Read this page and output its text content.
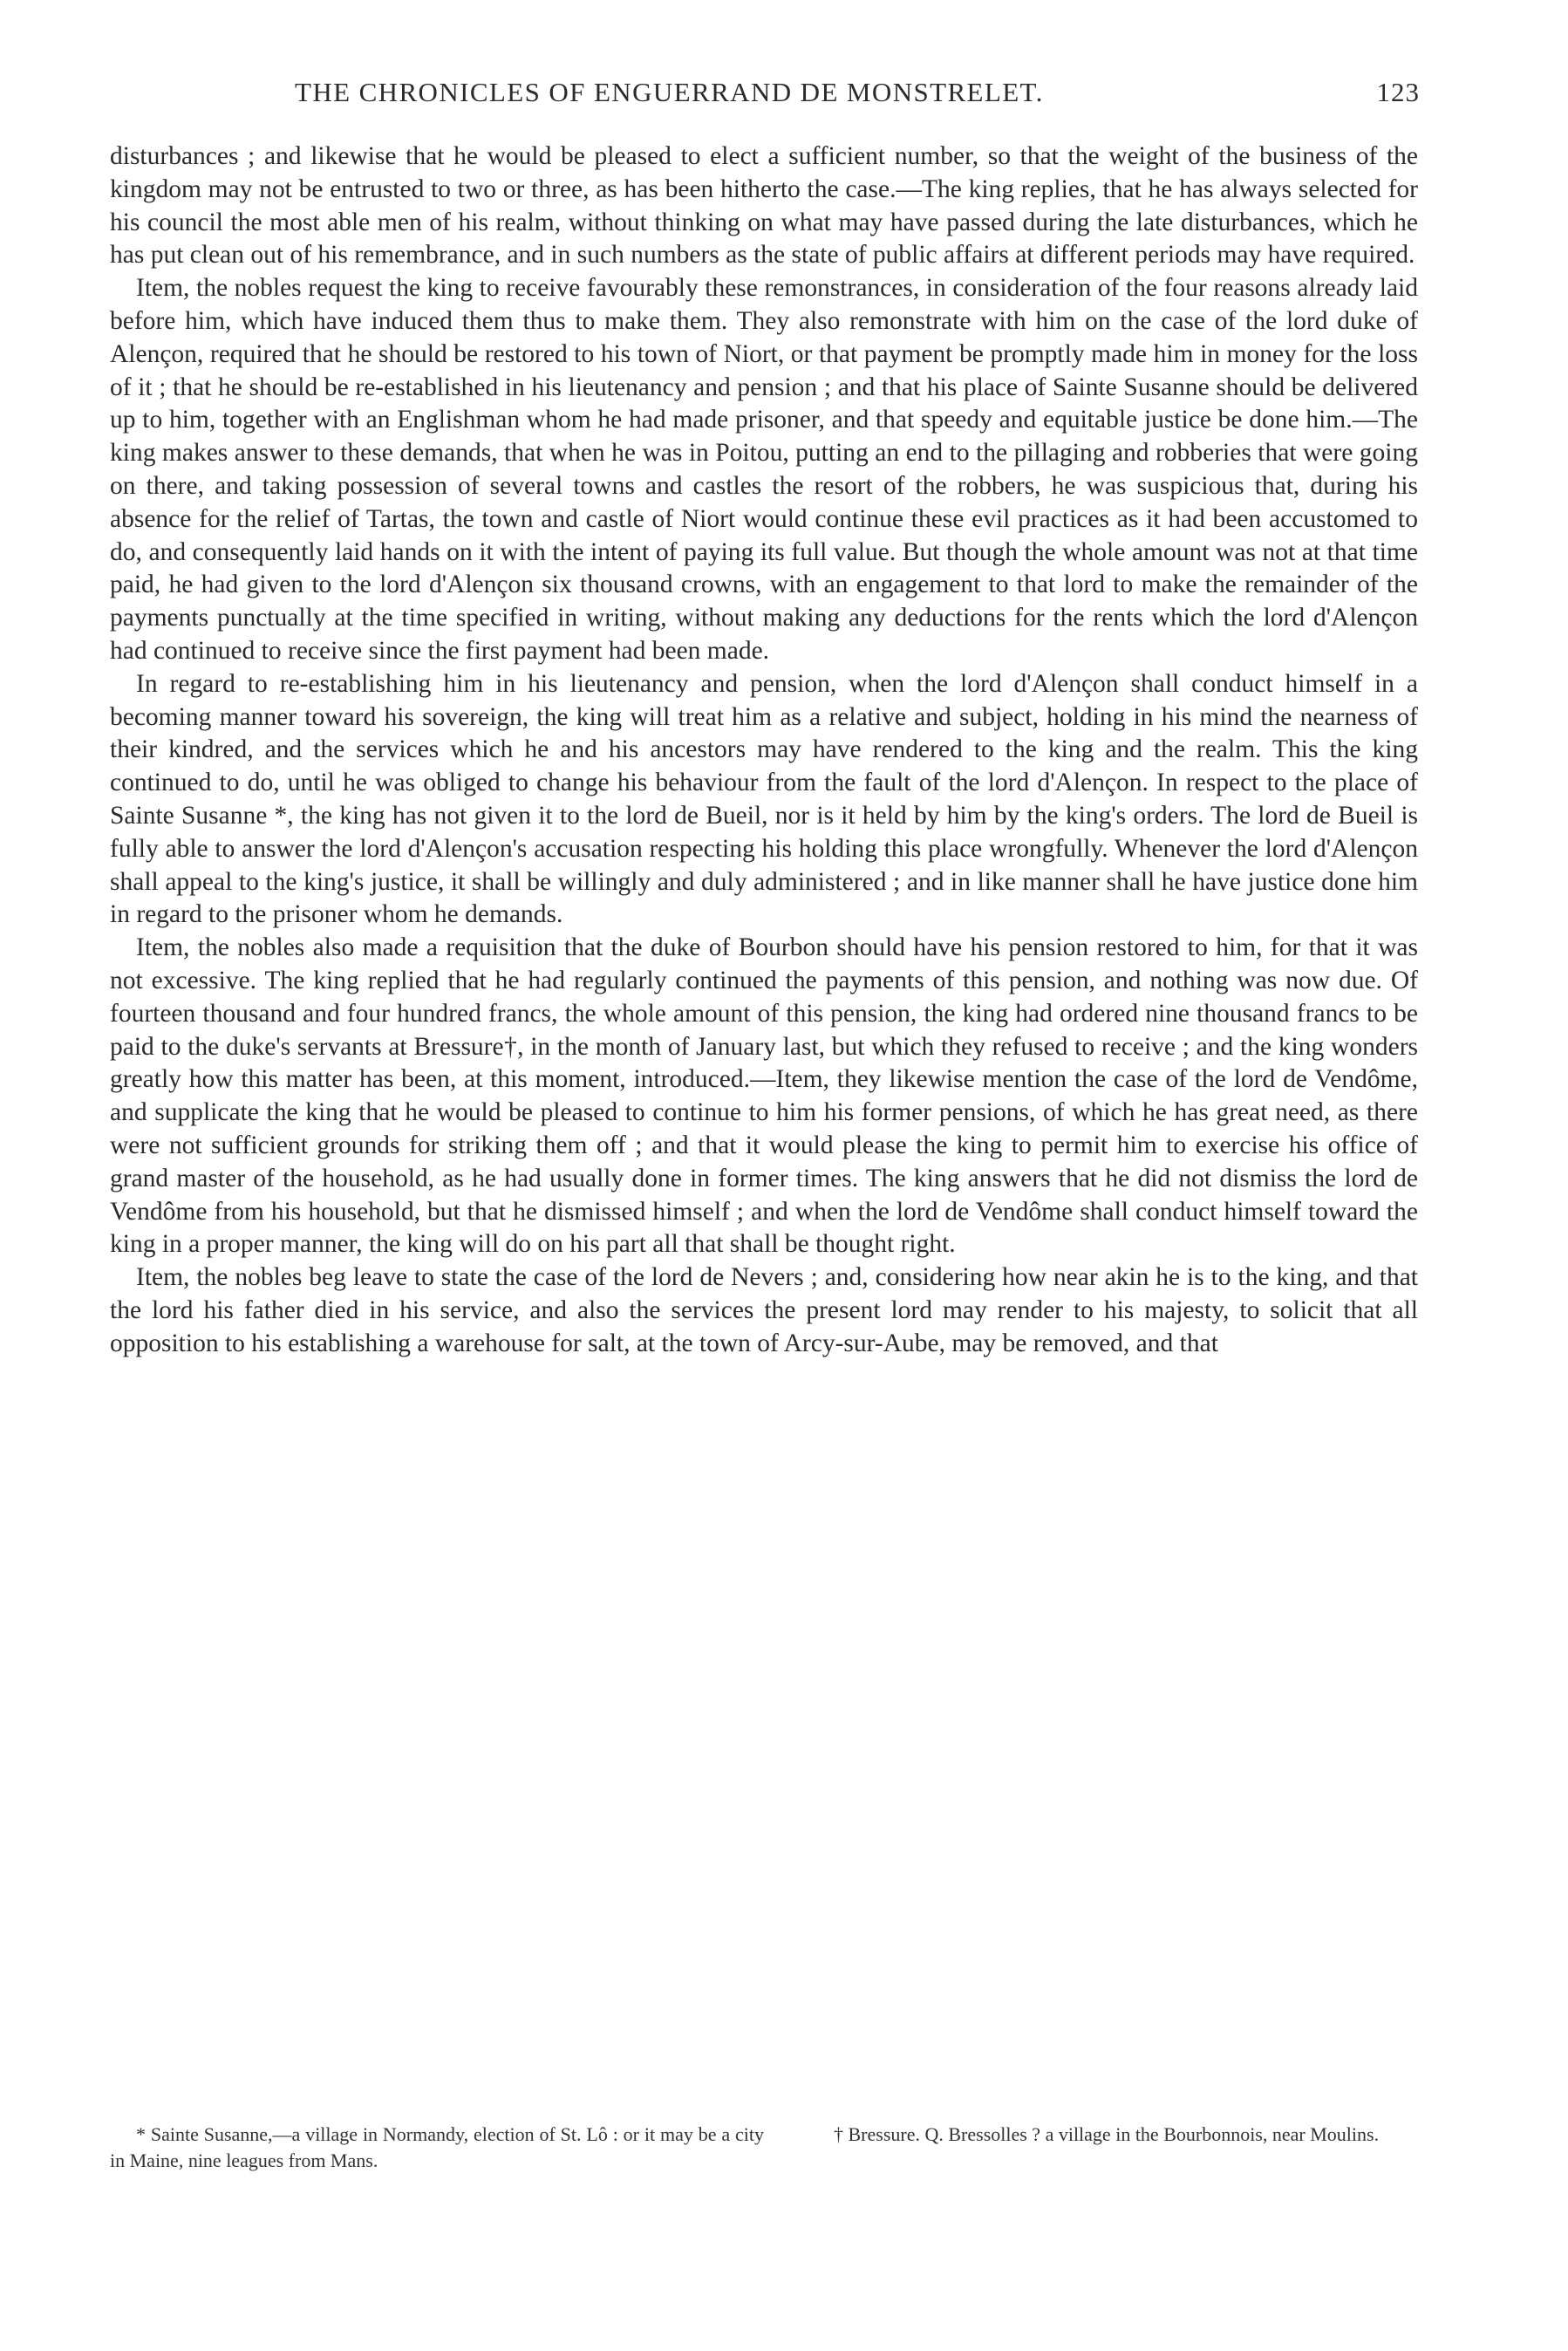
THE CHRONICLES OF ENGUERRAND DE MONSTRELET.	123

disturbances ; and likewise that he would be pleased to elect a sufficient number, so that the weight of the business of the kingdom may not be entrusted to two or three, as has been hitherto the case.—The king replies, that he has always selected for his council the most able men of his realm, without thinking on what may have passed during the late disturbances, which he has put clean out of his remembrance, and in such numbers as the state of public affairs at different periods may have required.

Item, the nobles request the king to receive favourably these remonstrances, in consideration of the four reasons already laid before him, which have induced them thus to make them. They also remonstrate with him on the case of the lord duke of Alençon, required that he should be restored to his town of Niort, or that payment be promptly made him in money for the loss of it ; that he should be re-established in his lieutenancy and pension ; and that his place of Sainte Susanne should be delivered up to him, together with an Englishman whom he had made prisoner, and that speedy and equitable justice be done him.—The king makes answer to these demands, that when he was in Poitou, putting an end to the pillaging and robberies that were going on there, and taking possession of several towns and castles the resort of the robbers, he was suspicious that, during his absence for the relief of Tartas, the town and castle of Niort would continue these evil practices as it had been accustomed to do, and consequently laid hands on it with the intent of paying its full value. But though the whole amount was not at that time paid, he had given to the lord d'Alençon six thousand crowns, with an engagement to that lord to make the remainder of the payments punctually at the time specified in writing, without making any deductions for the rents which the lord d'Alençon had continued to receive since the first payment had been made.

In regard to re-establishing him in his lieutenancy and pension, when the lord d'Alençon shall conduct himself in a becoming manner toward his sovereign, the king will treat him as a relative and subject, holding in his mind the nearness of their kindred, and the services which he and his ancestors may have rendered to the king and the realm. This the king continued to do, until he was obliged to change his behaviour from the fault of the lord d'Alençon. In respect to the place of Sainte Susanne *, the king has not given it to the lord de Bueil, nor is it held by him by the king's orders. The lord de Bueil is fully able to answer the lord d'Alençon's accusation respecting his holding this place wrongfully. Whenever the lord d'Alençon shall appeal to the king's justice, it shall be willingly and duly administered ; and in like manner shall he have justice done him in regard to the prisoner whom he demands.

Item, the nobles also made a requisition that the duke of Bourbon should have his pension restored to him, for that it was not excessive. The king replied that he had regularly continued the payments of this pension, and nothing was now due. Of fourteen thousand and four hundred francs, the whole amount of this pension, the king had ordered nine thousand francs to be paid to the duke's servants at Bressure†, in the month of January last, but which they refused to receive ; and the king wonders greatly how this matter has been, at this moment, introduced.—Item, they likewise mention the case of the lord de Vendôme, and supplicate the king that he would be pleased to continue to him his former pensions, of which he has great need, as there were not sufficient grounds for striking them off ; and that it would please the king to permit him to exercise his office of grand master of the household, as he had usually done in former times. The king answers that he did not dismiss the lord de Vendôme from his household, but that he dismissed himself ; and when the lord de Vendôme shall conduct himself toward the king in a proper manner, the king will do on his part all that shall be thought right.

Item, the nobles beg leave to state the case of the lord de Nevers ; and, considering how near akin he is to the king, and that the lord his father died in his service, and also the services the present lord may render to his majesty, to solicit that all opposition to his establishing a warehouse for salt, at the town of Arcy-sur-Aube, may be removed, and that

* Sainte Susanne,—a village in Normandy, election of St. Lô : or it may be a city in Maine, nine leagues from Mans.
† Bressure. Q. Bressolles ? a village in the Bourbonnois, near Moulins.
